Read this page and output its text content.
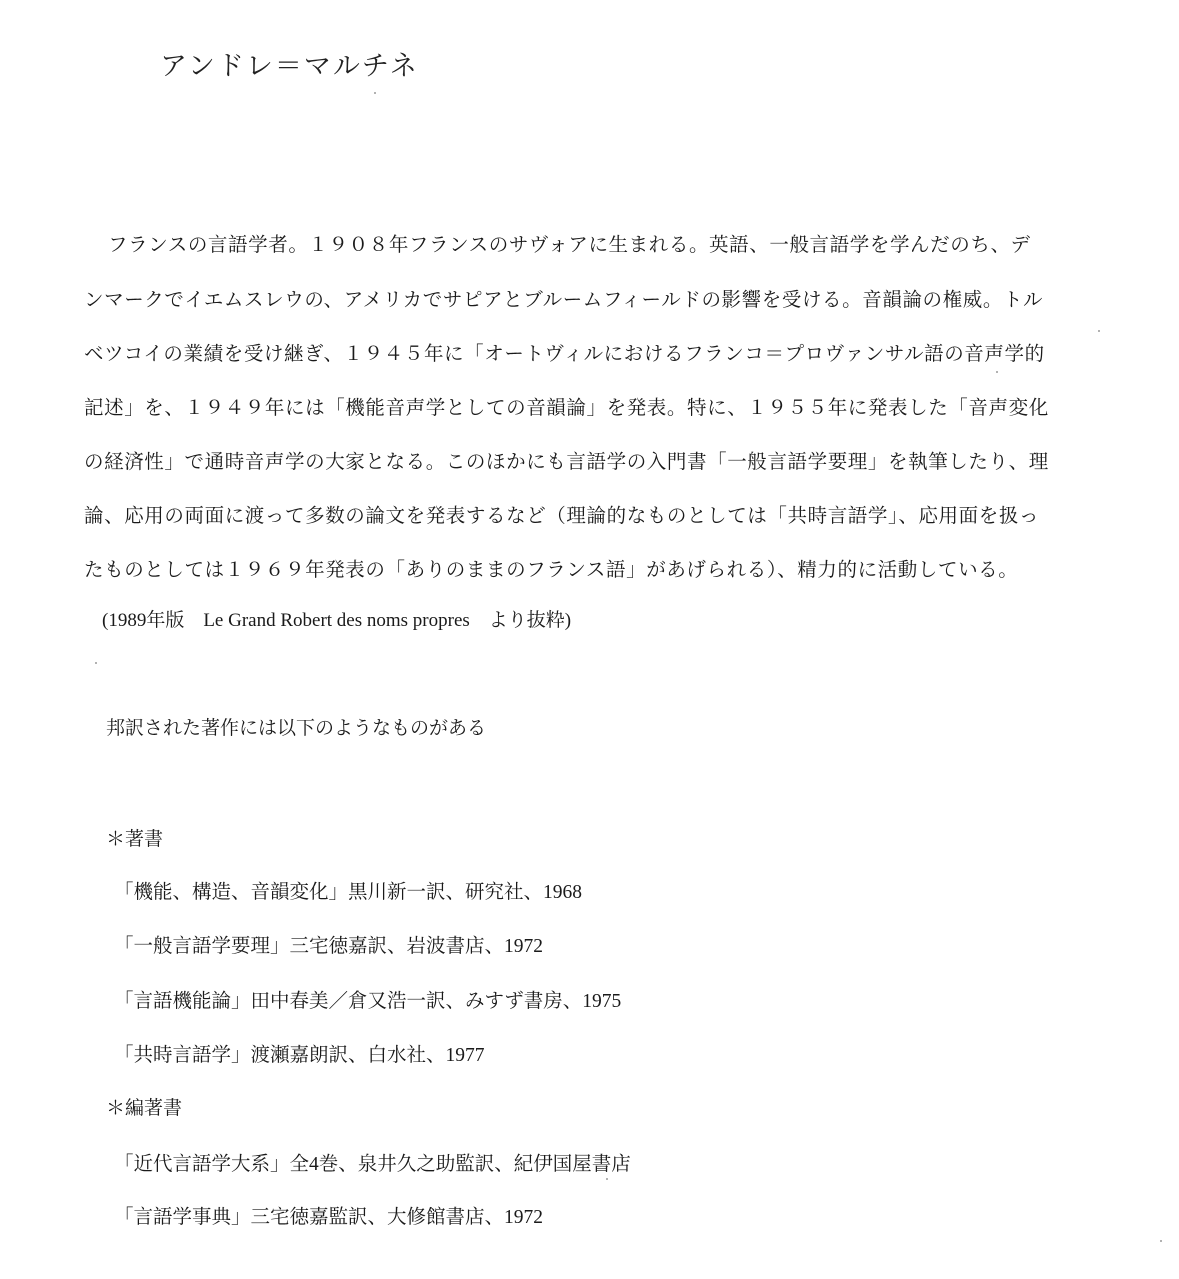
アンドレ＝マルチネ
フランスの言語学者。１９０８年フランスのサヴォアに生まれる。英語、一般言語学を学んだのち、デ
ンマークでイエムスレウの、アメリカでサピアとブルームフィールドの影響を受ける。音韻論の権威。トル
ベツコイの業績を受け継ぎ、１９４５年に「オートヴィルにおけるフランコ＝プロヴァンサル語の音声学的
記述」を、１９４９年には「機能音声学としての音韻論」を発表。特に、１９５５年に発表した「音声変化
の経済性」で通時音声学の大家となる。このほかにも言語学の入門書「一般言語学要理」を執筆したり、理
論、応用の両面に渡って多数の論文を発表するなど（理論的なものとしては「共時言語学」、応用面を扱っ
たものとしては１９６９年発表の「ありのままのフランス語」があげられる）、精力的に活動している。
(1989年版　Le Grand Robert des noms propres　より抜粋)
邦訳された著作には以下のようなものがある
＊著書
「機能、構造、音韻変化」黒川新一訳、研究社、1968
「一般言語学要理」三宅徳嘉訳、岩波書店、1972
「言語機能論」田中春美／倉又浩一訳、みすず書房、1975
「共時言語学」渡瀬嘉朗訳、白水社、1977
＊編著書
「近代言語学大系」全4巻、泉井久之助監訳、紀伊国屋書店
「言語学事典」三宅徳嘉監訳、大修館書店、1972
